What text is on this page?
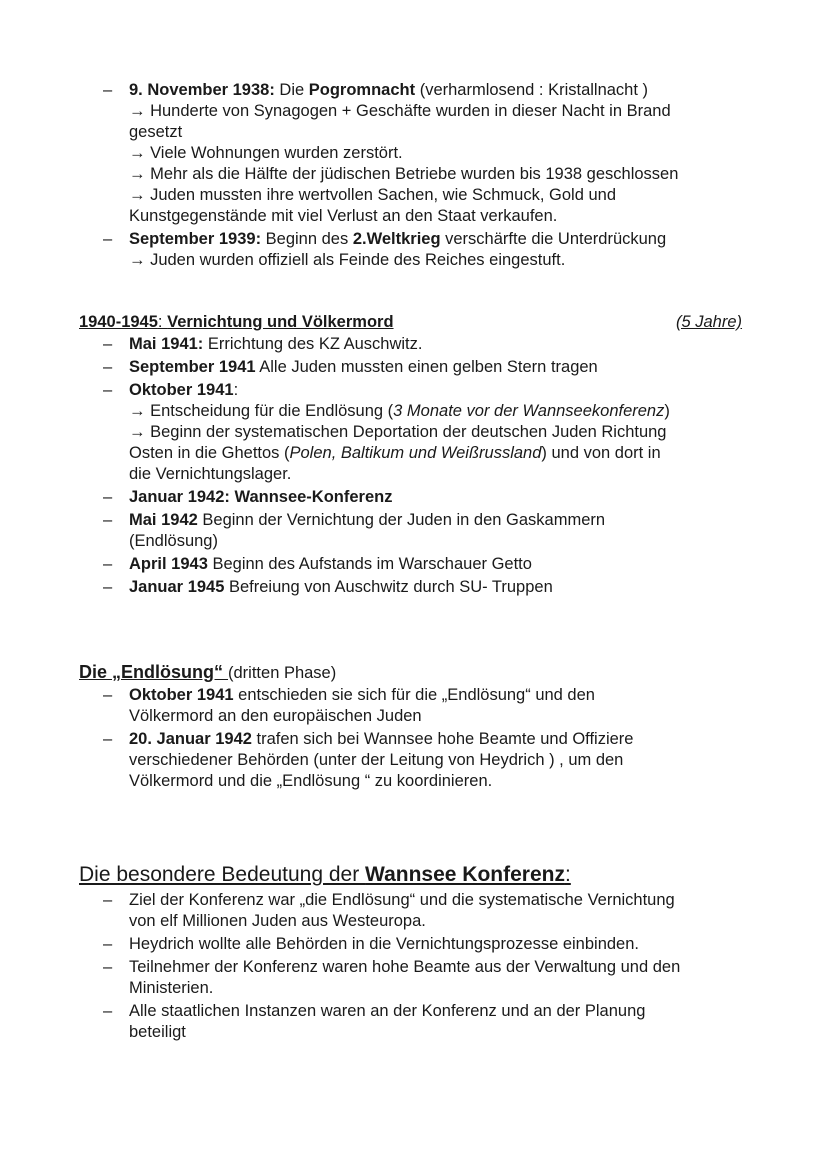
– 9. November 1938: Die Pogromnacht (verharmlosend : Kristallnacht )
→ Hunderte von Synagogen + Geschäfte wurden in dieser Nacht in Brand
gesetzt
→ Viele Wohnungen wurden zerstört.
→ Mehr als die Hälfte der jüdischen Betriebe wurden bis 1938 geschlossen
→ Juden mussten ihre wertvollen Sachen, wie Schmuck, Gold und
Kunstgegenstände mit viel Verlust an den Staat verkaufen.
– September 1939: Beginn des 2.Weltkrieg verschärfte die Unterdrückung
→ Juden wurden offiziell als Feinde des Reiches eingestuft.
1940-1945: Vernichtung und Völkermord	(5 Jahre)
– Mai 1941: Errichtung des KZ Auschwitz.
– September 1941 Alle Juden mussten einen gelben Stern tragen
– Oktober 1941:
→ Entscheidung für die Endlösung (3 Monate vor der Wannseekonferenz)
→ Beginn der systematischen Deportation der deutschen Juden Richtung
Osten in die Ghettos (Polen, Baltikum und Weißrussland) und von dort in
die Vernichtungslager.
– Januar 1942: Wannsee-Konferenz
– Mai 1942 Beginn der Vernichtung der Juden in den Gaskammern
(Endlösung)
– April 1943 Beginn des Aufstands im Warschauer Getto
– Januar 1945 Befreiung von Auschwitz durch SU- Truppen
Die „Endlösung“ (dritten Phase)
– Oktober 1941 entschieden sie sich für die „Endlösung“ und den
Völkermord an den europäischen Juden
– 20. Januar 1942 trafen sich bei Wannsee hohe Beamte und Offiziere
verschiedener Behörden (unter der Leitung von Heydrich ) , um den
Völkermord und die „Endlösung “ zu koordinieren.
Die besondere Bedeutung der Wannsee Konferenz:
– Ziel der Konferenz war „die Endlösung“ und die systematische Vernichtung
von elf Millionen Juden aus Westeuropa.
– Heydrich wollte alle Behörden in die Vernichtungsprozesse einbinden.
– Teilnehmer der Konferenz waren hohe Beamte aus der Verwaltung und den
Ministerien.
– Alle staatlichen Instanzen waren an der Konferenz und an der Planung
beteiligt
